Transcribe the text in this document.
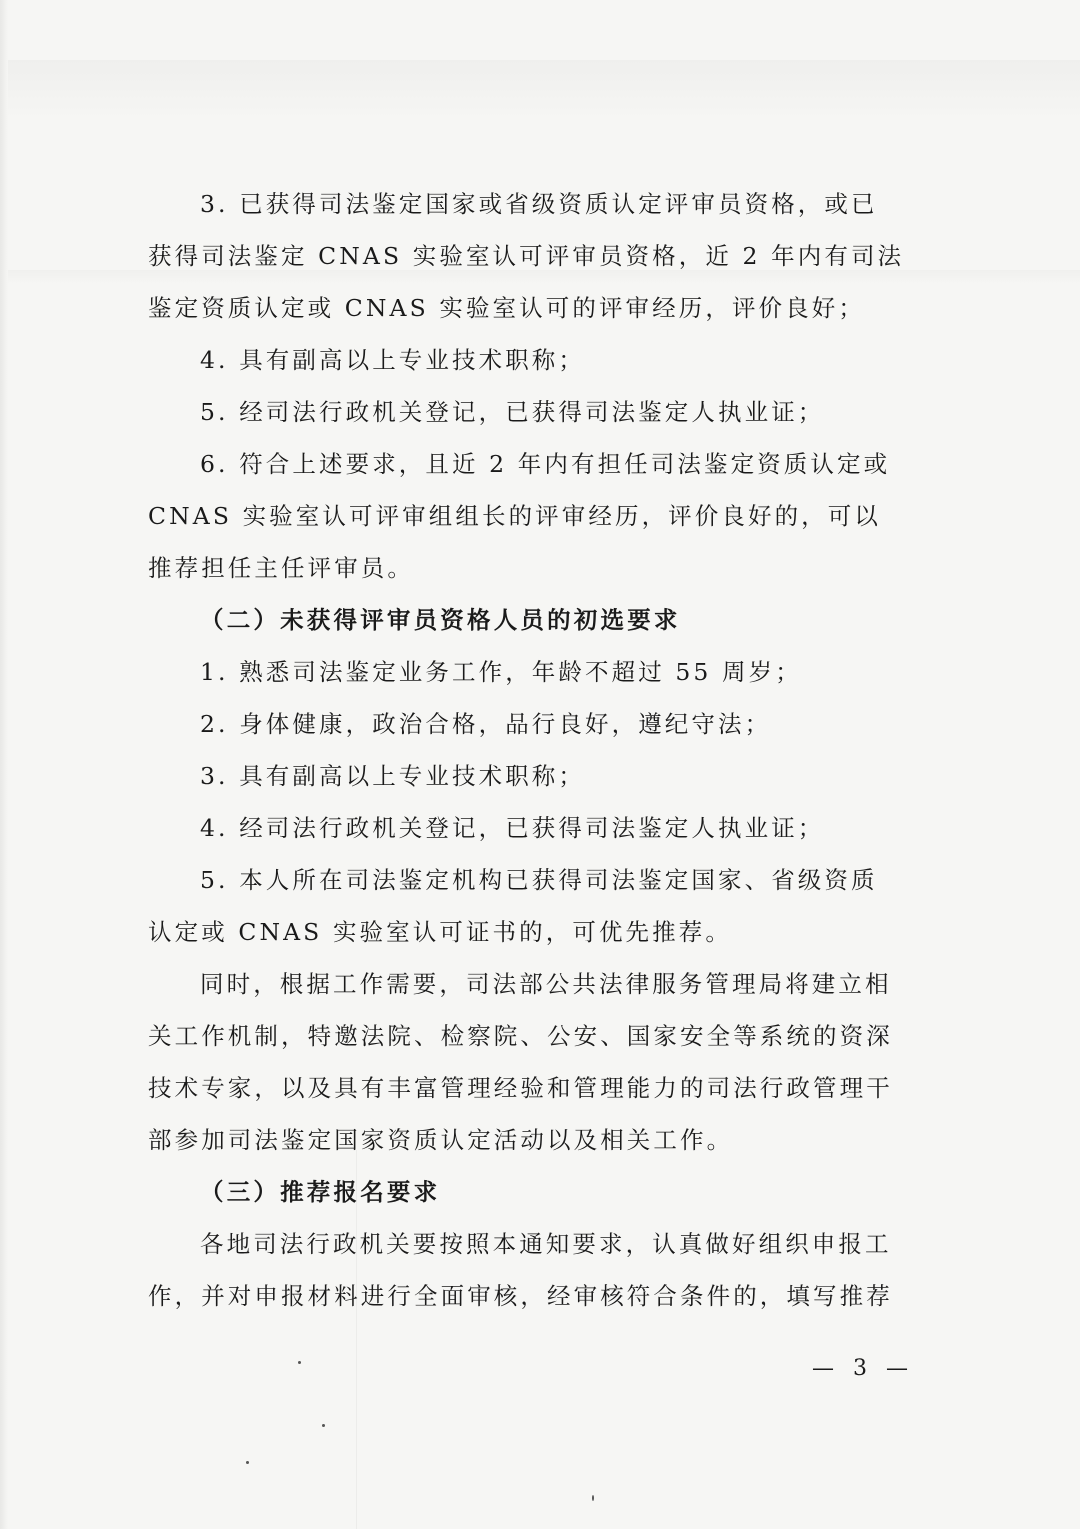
3. 已获得司法鉴定国家或省级资质认定评审员资格，或已
获得司法鉴定 CNAS 实验室认可评审员资格，近 2 年内有司法
鉴定资质认定或 CNAS 实验室认可的评审经历，评价良好；
4. 具有副高以上专业技术职称；
5. 经司法行政机关登记，已获得司法鉴定人执业证；
6. 符合上述要求，且近 2 年内有担任司法鉴定资质认定或
CNAS 实验室认可评审组组长的评审经历，评价良好的，可以
推荐担任主任评审员。
（二）未获得评审员资格人员的初选要求
1. 熟悉司法鉴定业务工作，年龄不超过 55 周岁；
2. 身体健康，政治合格，品行良好，遵纪守法；
3. 具有副高以上专业技术职称；
4. 经司法行政机关登记，已获得司法鉴定人执业证；
5. 本人所在司法鉴定机构已获得司法鉴定国家、省级资质
认定或 CNAS 实验室认可证书的，可优先推荐。
同时，根据工作需要，司法部公共法律服务管理局将建立相
关工作机制，特邀法院、检察院、公安、国家安全等系统的资深
技术专家，以及具有丰富管理经验和管理能力的司法行政管理干
部参加司法鉴定国家资质认定活动以及相关工作。
（三）推荐报名要求
各地司法行政机关要按照本通知要求，认真做好组织申报工
作，并对申报材料进行全面审核，经审核符合条件的，填写推荐
— 3 —
